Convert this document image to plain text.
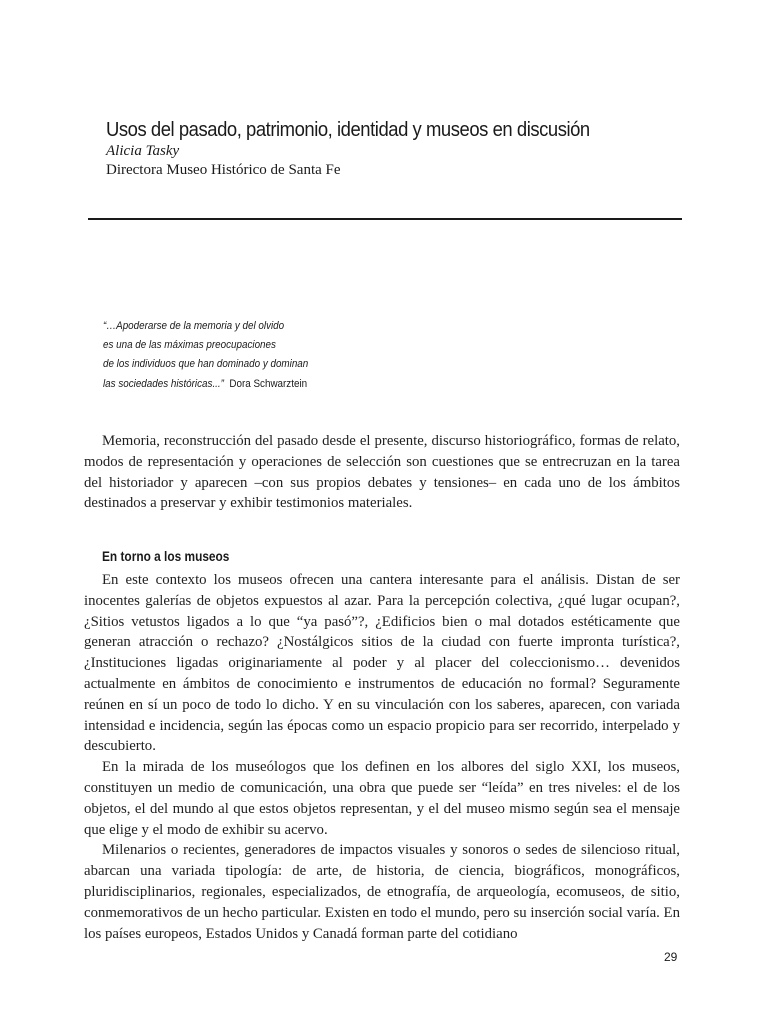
Usos del pasado, patrimonio, identidad y museos en discusión

Alicia Tasky

Directora Museo Histórico de Santa Fe

“…Apoderarse de la memoria y del olvido
es una de las máximas preocupaciones
de los individuos que han dominado y dominan
las sociedades históricas...” Dora Schwarztein

Memoria, reconstrucción del pasado desde el presente, discurso historiográfico, formas de relato, modos de representación y operaciones de selección son cuestiones que se entrecruzan en la tarea del historiador y aparecen –con sus propios debates y tensiones– en cada uno de los ámbitos destinados a preservar y exhibir testimonios materiales.

En torno a los museos

En este contexto los museos ofrecen una cantera interesante para el análisis. Distan de ser inocentes galerías de objetos expuestos al azar. Para la percepción colectiva, ¿qué lugar ocupan?, ¿Sitios vetustos ligados a lo que “ya pasó”?, ¿Edificios bien o mal dotados estéticamente que generan atracción o rechazo? ¿Nostálgicos sitios de la ciudad con fuerte impronta turística?, ¿Instituciones ligadas originariamente al poder y al placer del coleccionismo… devenidos actualmente en ámbitos de conocimiento e instrumentos de educación no formal? Seguramente reúnen en sí un poco de todo lo dicho. Y en su vinculación con los saberes, aparecen, con variada intensidad e incidencia, según las épocas como un espacio propicio para ser recorrido, interpelado y descubierto.

En la mirada de los museólogos que los definen en los albores del siglo XXI, los museos, constituyen un medio de comunicación, una obra que puede ser “leída” en tres niveles: el de los objetos, el del mundo al que estos objetos representan, y el del museo mismo según sea el mensaje que elige y el modo de exhibir su acervo.

Milenarios o recientes, generadores de impactos visuales y sonoros o sedes de silencioso ritual, abarcan una variada tipología: de arte, de historia, de ciencia, biográficos, monográficos, pluridisciplinarios, regionales, especializados, de etnografía, de arqueología, ecomuseos, de sitio, conmemorativos de un hecho particular. Existen en todo el mundo, pero su inserción social varía. En los países europeos, Estados Unidos y Canadá forman parte del cotidiano

29
